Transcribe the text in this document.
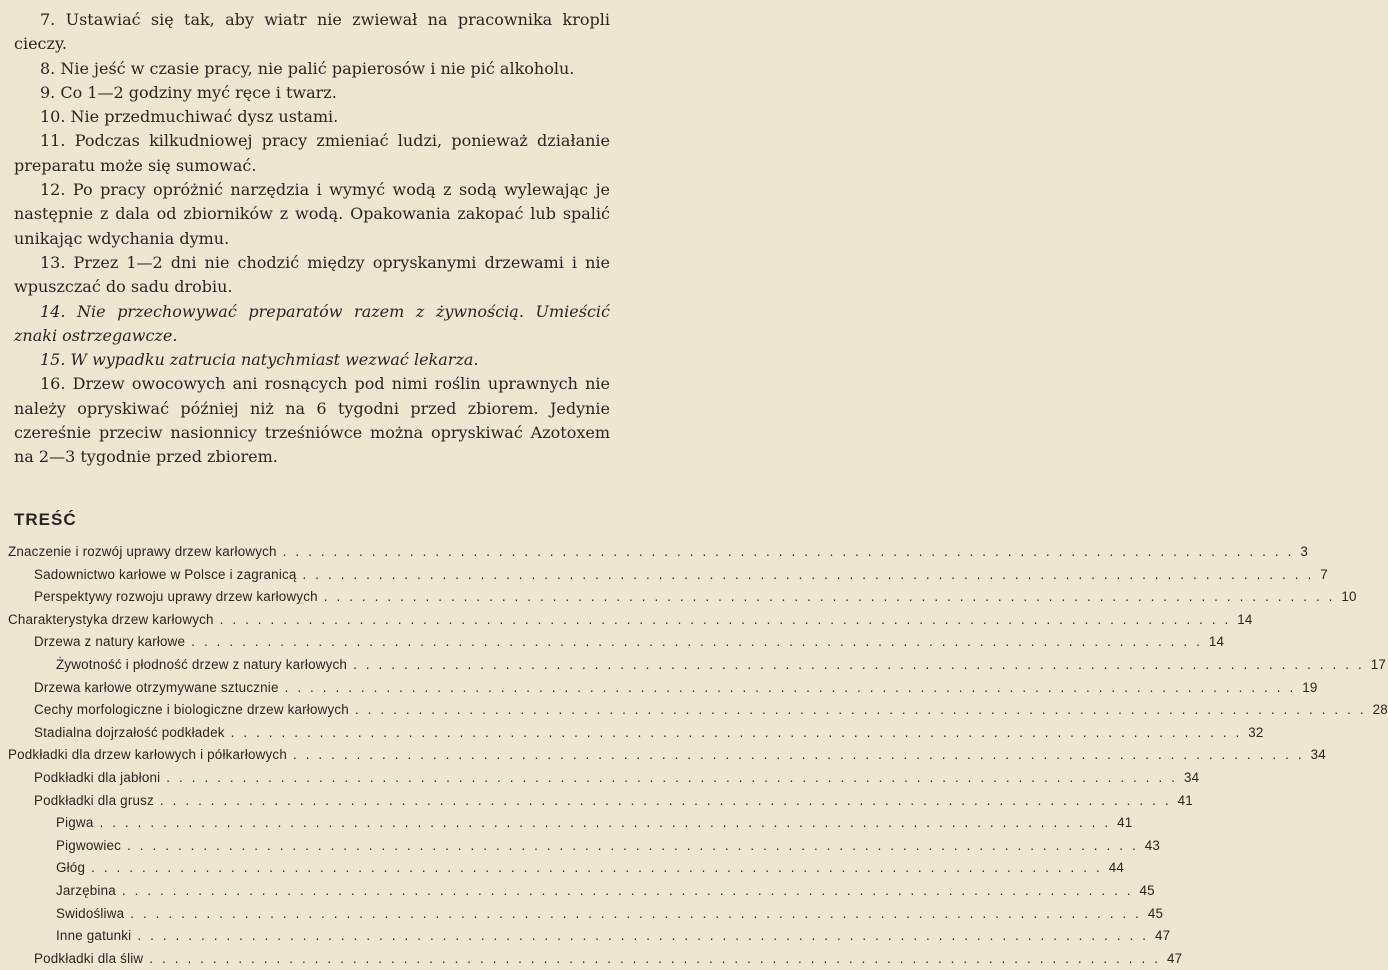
7. Ustawiać się tak, aby wiatr nie zwiewał na pracownika kropli cieczy.

8. Nie jeść w czasie pracy, nie palić papierosów i nie pić alkoholu.

9. Co 1—2 godziny myć ręce i twarz.

10. Nie przedmuchiwać dysz ustami.

11. Podczas kilkudniowej pracy zmieniać ludzi, ponieważ działanie preparatu może się sumować.

12. Po pracy opróżnić narzędzia i wymyć wodą z sodą wylewając je następnie z dala od zbiorników z wodą. Opakowania zakopać lub spalić unikając wdychania dymu.

13. Przez 1—2 dni nie chodzić między opryskanymi drzewami i nie wpuszczać do sadu drobiu.

14. Nie przechowywać preparatów razem z żywnością. Umieścić znaki ostrzegawcze.

15. W wypadku zatrucia natychmiast wezwać lekarza.

16. Drzew owocowych ani rosnących pod nimi roślin uprawnych nie należy opryskiwać później niż na 6 tygodni przed zbiorem. Jedynie czereśnie przeciw nasionnicy trześniówce można opryskiwać Azotoxem na 2—3 tygodnie przed zbiorem.

TREŚĆ
Znaczenie i rozwój uprawy drzew karłowych ................................................................................ 3
Sadownictwo karłowe w Polsce i zagranicą ................................................................................ 7
Perspektywy rozwoju uprawy drzew karłowych ................................................................................ 10
Charakterystyka drzew karłowych ................................................................................ 14
Drzewa z natury karłowe ................................................................................ 14
Żywotność i płodność drzew z natury karłowych ................................................................................ 17
Drzewa karłowe otrzymywane sztucznie ................................................................................ 19
Cechy morfologiczne i biologiczne drzew karłowych ................................................................................ 28
Stadialna dojrzałość podkładek ................................................................................ 32
Podkładki dla drzew karłowych i półkarłowych ................................................................................ 34
Podkładki dla jabłoni ................................................................................ 34
Podkładki dla grusz ................................................................................ 41
Pigwa ................................................................................ 41
Pigwowiec ................................................................................ 43
Głóg ................................................................................ 44
Jarzębina ................................................................................ 45
Swidośliwa ................................................................................ 45
Inne gatunki ................................................................................ 47
Podkładki dla śliw ................................................................................ 47
